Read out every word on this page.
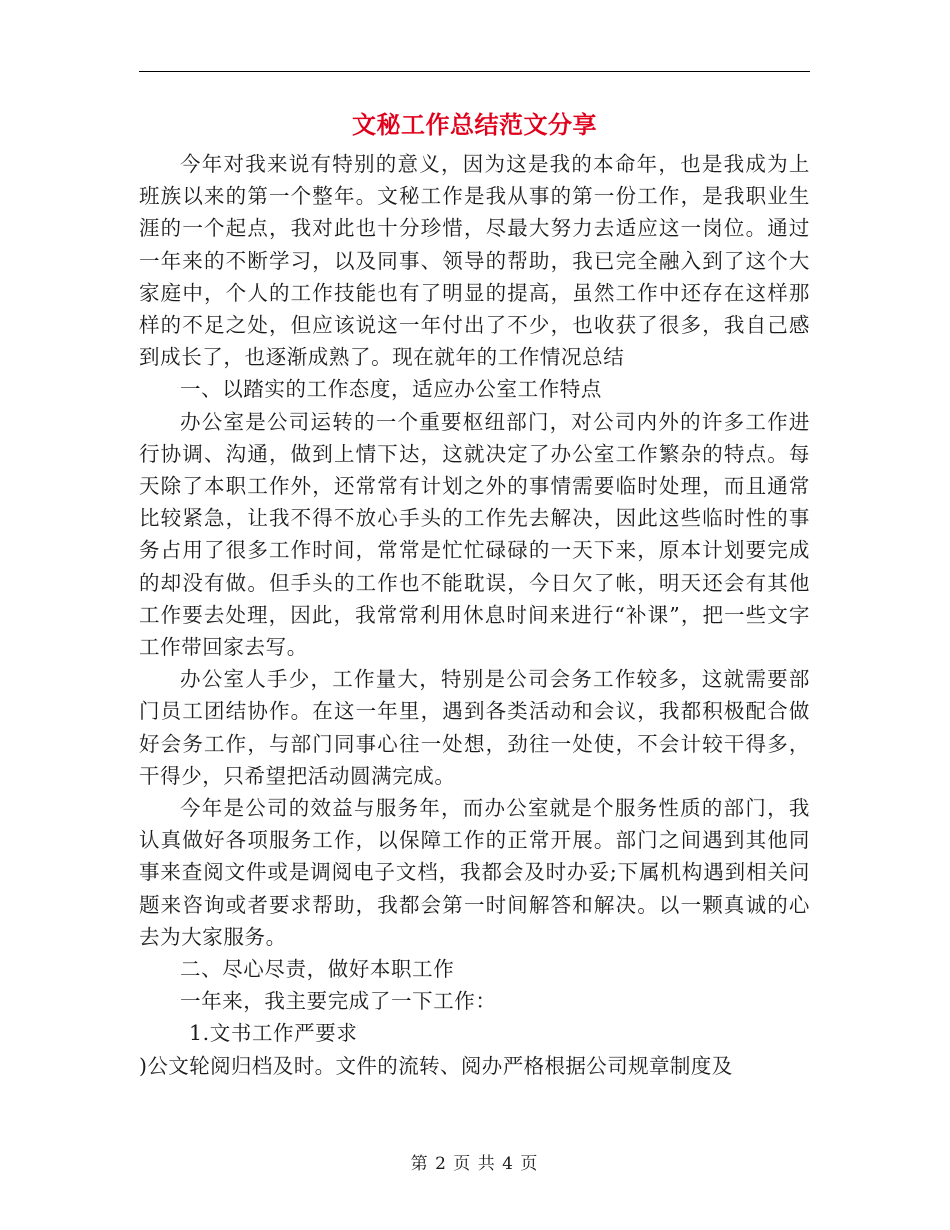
文秘工作总结范文分享

今年对我来说有特别的意义，因为这是我的本命年，也是我成为上班族以来的第一个整年。文秘工作是我从事的第一份工作，是我职业生涯的一个起点，我对此也十分珍惜，尽最大努力去适应这一岗位。通过一年来的不断学习，以及同事、领导的帮助，我已完全融入到了这个大家庭中，个人的工作技能也有了明显的提高，虽然工作中还存在这样那样的不足之处，但应该说这一年付出了不少，也收获了很多，我自己感到成长了，也逐渐成熟了。现在就年的工作情况总结

一、以踏实的工作态度，适应办公室工作特点

办公室是公司运转的一个重要枢纽部门，对公司内外的许多工作进行协调、沟通，做到上情下达，这就决定了办公室工作繁杂的特点。每天除了本职工作外，还常常有计划之外的事情需要临时处理，而且通常比较紧急，让我不得不放心手头的工作先去解决，因此这些临时性的事务占用了很多工作时间，常常是忙忙碌碌的一天下来，原本计划要完成的却没有做。但手头的工作也不能耽误，今日欠了帐，明天还会有其他工作要去处理，因此，我常常利用休息时间来进行“补课”，把一些文字工作带回家去写。

办公室人手少，工作量大，特别是公司会务工作较多，这就需要部门员工团结协作。在这一年里，遇到各类活动和会议，我都积极配合做好会务工作，与部门同事心往一处想，劲往一处使，不会计较干得多，干得少，只希望把活动圆满完成。

今年是公司的效益与服务年，而办公室就是个服务性质的部门，我认真做好各项服务工作，以保障工作的正常开展。部门之间遇到其他同事来查阅文件或是调阅电子文档，我都会及时办妥;下属机构遇到相关问题来咨询或者要求帮助，我都会第一时间解答和解决。以一颗真诚的心去为大家服务。

二、尽心尽责，做好本职工作

一年来，我主要完成了一下工作：

1.文书工作严要求

)公文轮阅归档及时。文件的流转、阅办严格根据公司规章制度及

第 2 页 共 4 页
